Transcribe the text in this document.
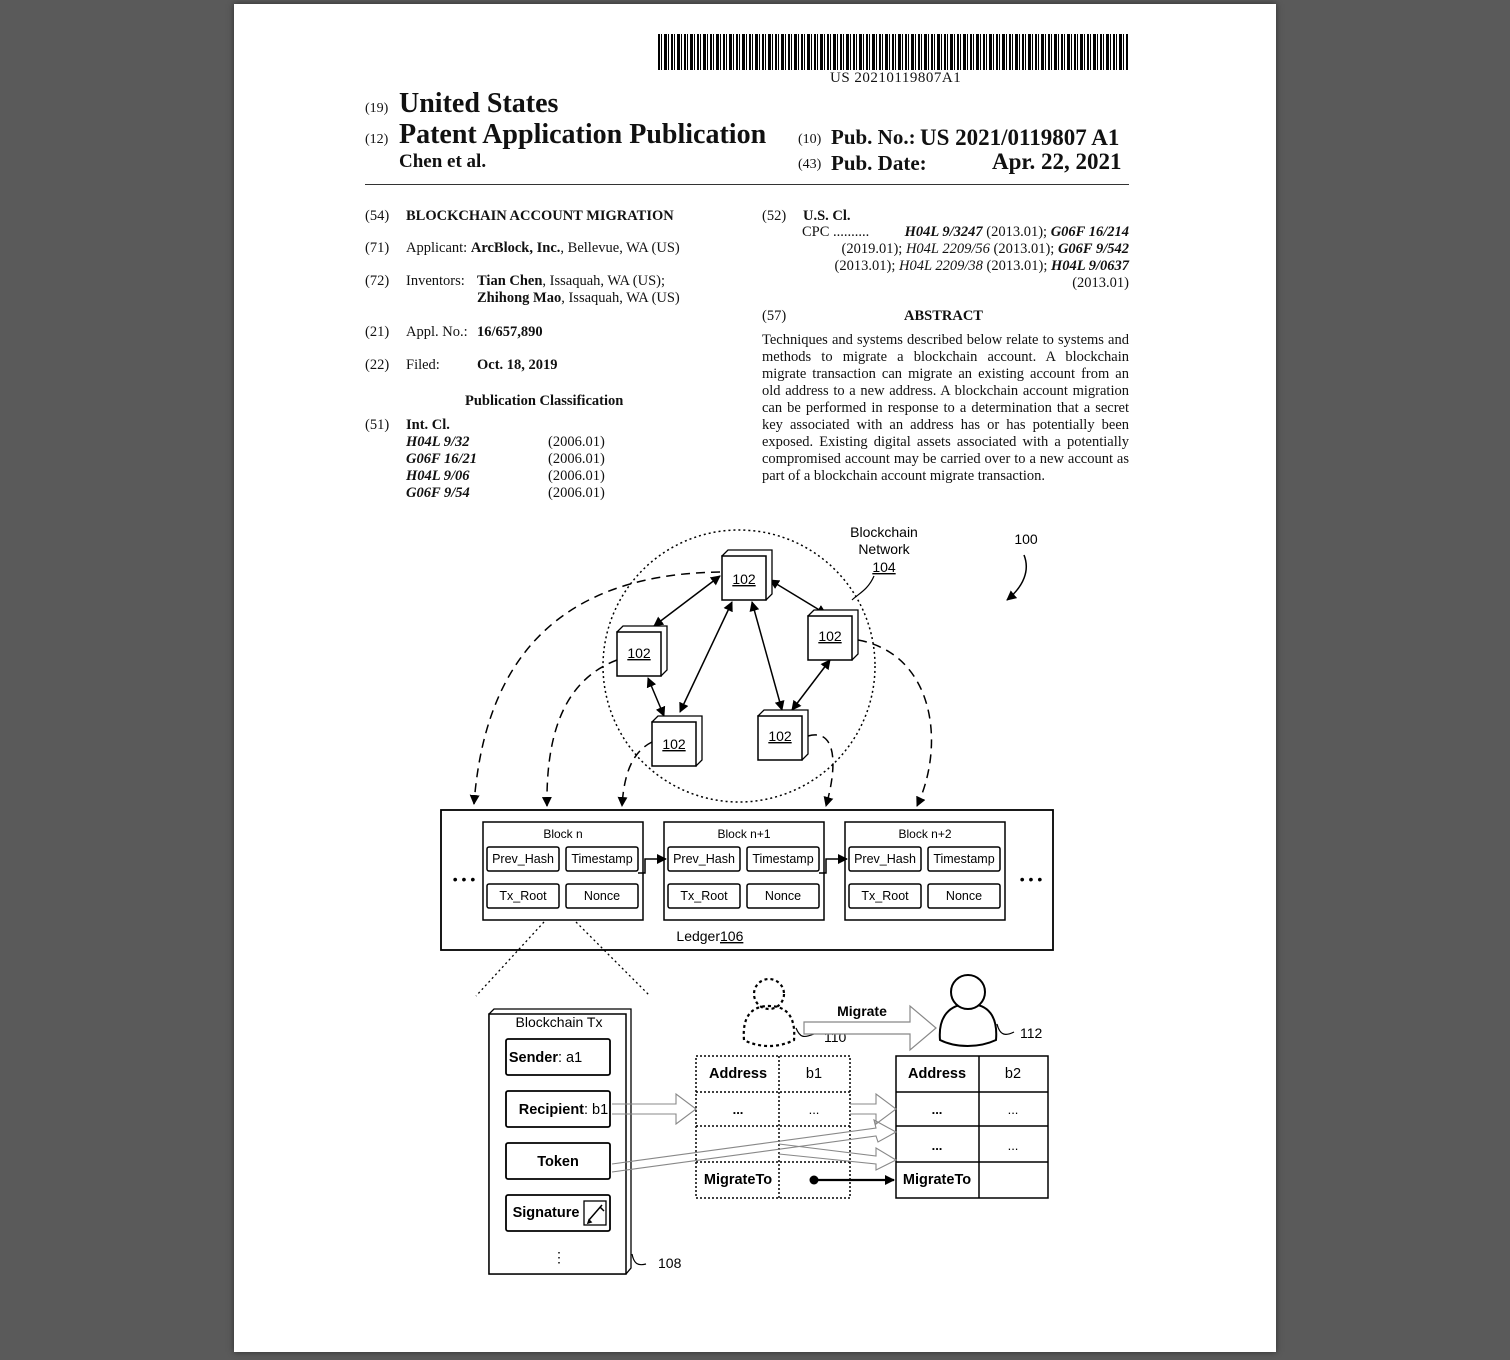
US 20210119807A1
(19) United States
(12) Patent Application Publication
Chen et al.
(10) Pub. No.: US 2021/0119807 A1
(43) Pub. Date:	Apr. 22, 2021
(54) BLOCKCHAIN ACCOUNT MIGRATION
(71) Applicant: ArcBlock, Inc., Bellevue, WA (US)
(72) Inventors: Tian Chen, Issaquah, WA (US);
Zhihong Mao, Issaquah, WA (US)
(21) Appl. No.: 16/657,890
(22) Filed:	Oct. 18, 2019
Publication Classification
(51) Int. Cl.
H04L 9/32	(2006.01)
G06F 16/21	(2006.01)
H04L 9/06	(2006.01)
G06F 9/54	(2006.01)
(52) U.S. Cl.
CPC .......... H04L 9/3247 (2013.01); G06F 16/214 (2019.01); H04L 2209/56 (2013.01); G06F 9/542 (2013.01); H04L 2209/38 (2013.01); H04L 9/0637 (2013.01)
(57)	ABSTRACT
Techniques and systems described below relate to systems and methods to migrate a blockchain account. A blockchain migrate transaction can migrate an existing account from an old address to a new address. A blockchain account migration can be performed in response to a determination that a secret key associated with an address has or has potentially been exposed. Existing digital assets associated with a potentially compromised account may be carried over to a new account as part of a blockchain account migrate transaction.
Blockchain
Network
104
100
102
102
102
102	102
• • •	• • •
Ledger 106
Block n
Prev_Hash Timestamp
Tx_Root	Nonce
Block n+1
Prev_Hash Timestamp
Tx_Root	Nonce
Block n+2
Prev_Hash Timestamp
Tx_Root	Nonce
Blockchain Tx
Sender : a1
Recipient : b1
Token
Signature
⋮	108
110
Migrate
112
Address	b1
...	...
MigrateTo
Address	b2
...	...
...	...
MigrateTo
